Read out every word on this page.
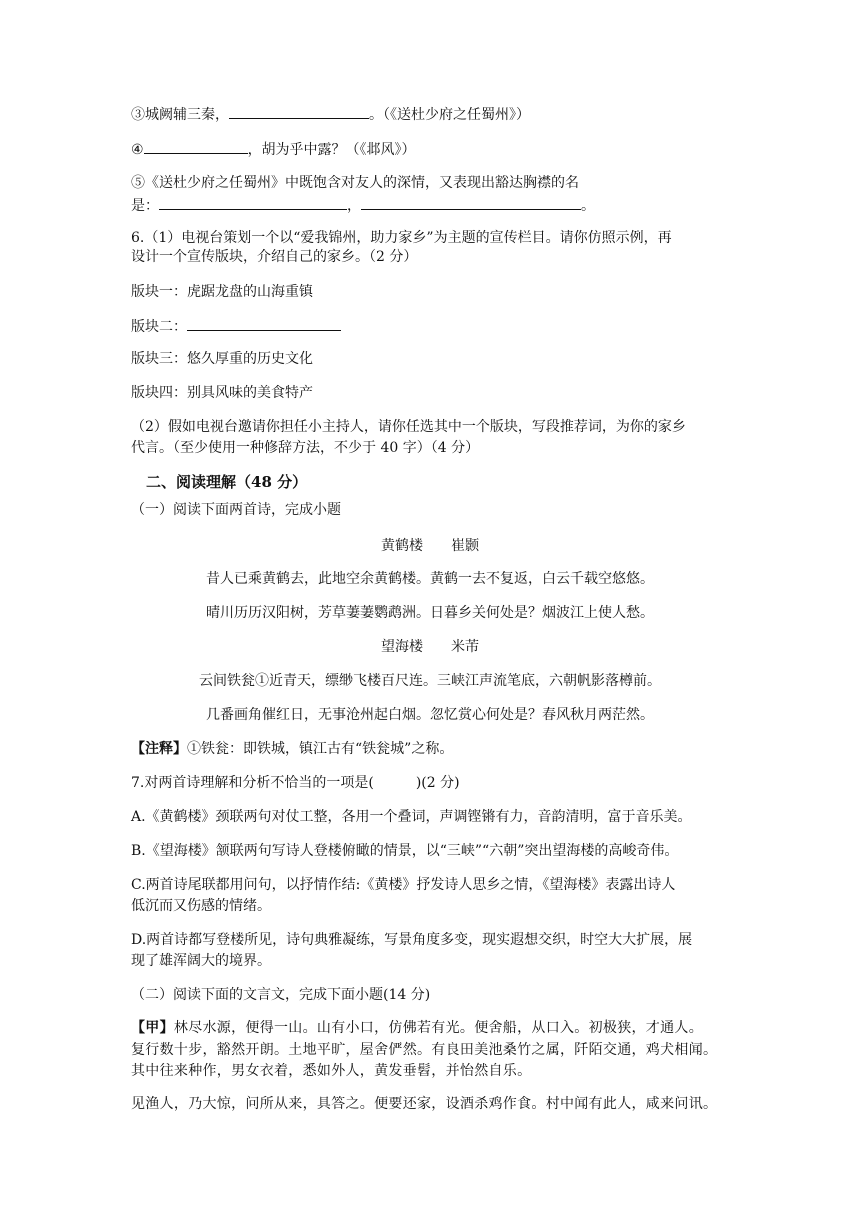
③城阙辅三秦，	。（《送杜少府之任蜀州》）
④	，胡为乎中露？（《邶风》）
⑤《送杜少府之任蜀州》中既饱含对友人的深情，又表现出豁达胸襟的名
是：	，	。
6.（1）电视台策划一个以“爱我锦州，助力家乡”为主题的宣传栏目。请你仿照示例，再
设计一个宣传版块，介绍自己的家乡。（2 分）
版块一：虎踞龙盘的山海重镇
版块二：
版块三：悠久厚重的历史文化
版块四：别具风味的美食特产
（2）假如电视台邀请你担任小主持人，请你任选其中一个版块，写段推荐词，为你的家乡
代言。（至少使用一种修辞方法，不少于 40 字）（4 分）
二、阅读理解（48 分）
（一）阅读下面两首诗，完成小题
黄鹤楼　　崔颢
昔人已乘黄鹤去，此地空余黄鹤楼。黄鹤一去不复返，白云千载空悠悠。
晴川历历汉阳树，芳草萋萋鹦鹉洲。日暮乡关何处是？烟波江上使人愁。
望海楼　　米芾
云间铁瓮①近青天，缥缈飞楼百尺连。三峡江声流笔底，六朝帆影落樽前。
几番画角催红日，无事沧州起白烟。忽忆赏心何处是？春风秋月两茫然。
【注释】①铁瓮：即铁城，镇江古有“铁瓮城”之称。
7.对两首诗理解和分析不恰当的一项是(　　　)(2 分)
A.《黄鹤楼》颈联两句对仗工整，各用一个叠词，声调铿锵有力，音韵清明，富于音乐美。
B.《望海楼》颔联两句写诗人登楼俯瞰的情景，以“三峡”“六朝”突出望海楼的高峻奇伟。
C.两首诗尾联都用问句，以抒情作结:《黄楼》抒发诗人思乡之情，《望海楼》表露出诗人
低沉而又伤感的情绪。
D.两首诗都写登楼所见，诗句典雅凝练，写景角度多变，现实遐想交织，时空大大扩展，展
现了雄浑阔大的境界。
（二）阅读下面的文言文，完成下面小题(14 分)
【甲】林尽水源，便得一山。山有小口，仿佛若有光。便舍船，从口入。初极狭，才通人。
复行数十步，豁然开朗。土地平旷，屋舍俨然。有良田美池桑竹之属，阡陌交通，鸡犬相闻。
其中往来种作，男女衣着，悉如外人，黄发垂髫，并怡然自乐。
见渔人，乃大惊，问所从来，具答之。便要还家，设酒杀鸡作食。村中闻有此人，咸来问讯。
